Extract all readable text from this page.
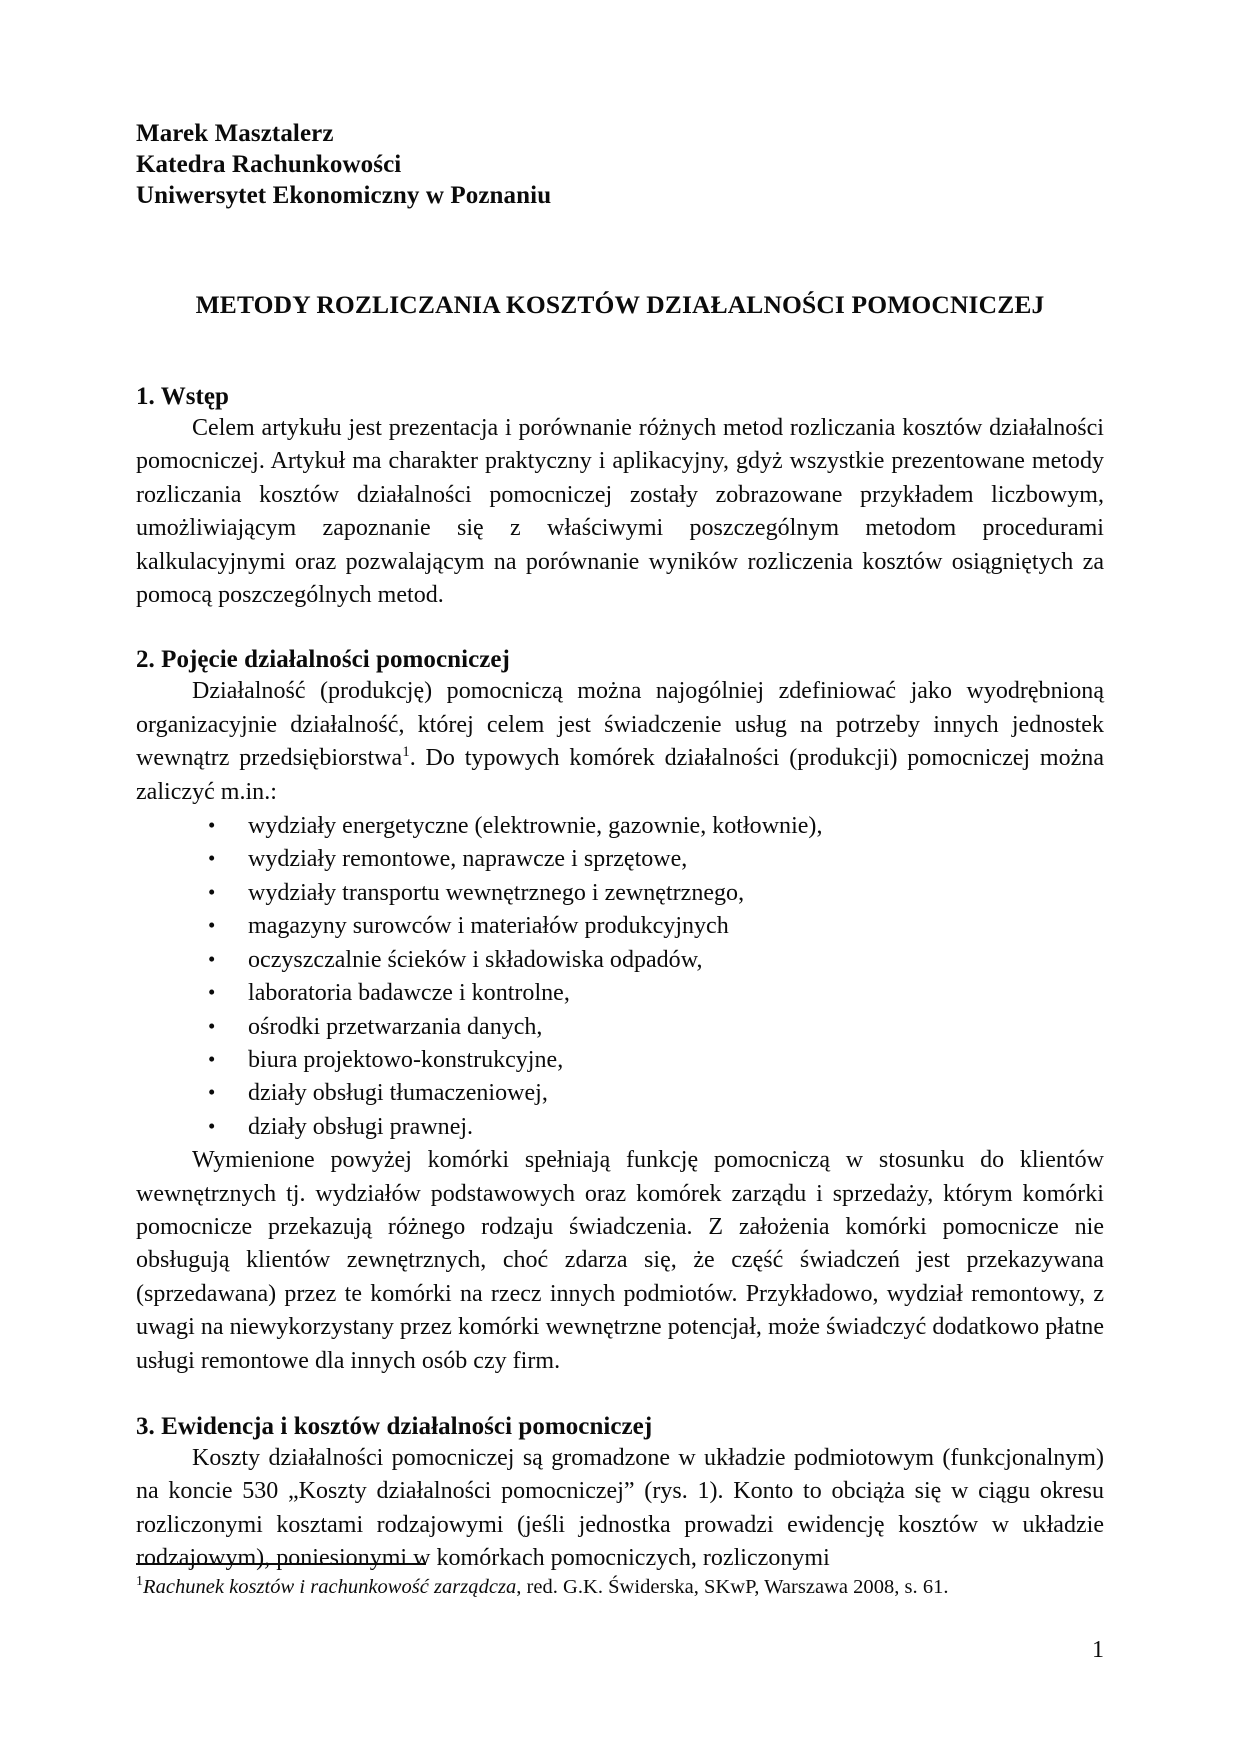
Marek Masztalerz
Katedra Rachunkowości
Uniwersytet Ekonomiczny w Poznaniu
METODY ROZLICZANIA KOSZTÓW DZIAŁALNOŚCI POMOCNICZEJ
1. Wstęp

Celem artykułu jest prezentacja i porównanie różnych metod rozliczania kosztów działalności pomocniczej. Artykuł ma charakter praktyczny i aplikacyjny, gdyż wszystkie prezentowane metody rozliczania kosztów działalności pomocniczej zostały zobrazowane przykładem liczbowym, umożliwiającym zapoznanie się z właściwymi poszczególnym metodom procedurami kalkulacyjnymi oraz pozwalającym na porównanie wyników rozliczenia kosztów osiągniętych za pomocą poszczególnych metod.

2. Pojęcie działalności pomocniczej

Działalność (produkcję) pomocniczą można najogólniej zdefiniować jako wyodrębnioną organizacyjnie działalność, której celem jest świadczenie usług na potrzeby innych jednostek wewnątrz przedsiębiorstwa$^1$. Do typowych komórek działalności (produkcji) pomocniczej można zaliczyć m.in.:

• wydziały energetyczne (elektrownie, gazownie, kotłownie),
• wydziały remontowe, naprawcze i sprzętowe,
• wydziały transportu wewnętrznego i zewnętrznego,
• magazyny surowców i materiałów produkcyjnych
• oczyszczalnie ścieków i składowiska odpadów,
• laboratoria badawcze i kontrolne,
• ośrodki przetwarzania danych,
• biura projektowo-konstrukcyjne,
• działy obsługi tłumaczeniowej,
• działy obsługi prawnej.

Wymienione powyżej komórki spełniają funkcję pomocniczą w stosunku do klientów wewnętrznych tj. wydziałów podstawowych oraz komórek zarządu i sprzedaży, którym komórki pomocnicze przekazują różnego rodzaju świadczenia. Z założenia komórki pomocnicze nie obsługują klientów zewnętrznych, choć zdarza się, że część świadczeń jest przekazywana (sprzedawana) przez te komórki na rzecz innych podmiotów. Przykładowo, wydział remontowy, z uwagi na niewykorzystany przez komórki wewnętrzne potencjał, może świadczyć dodatkowo płatne usługi remontowe dla innych osób czy firm.

3. Ewidencja i kosztów działalności pomocniczej

Koszty działalności pomocniczej są gromadzone w układzie podmiotowym (funkcjonalnym) na koncie 530 „Koszty działalności pomocniczej” (rys. 1). Konto to obciąża się w ciągu okresu rozliczonymi kosztami rodzajowymi (jeśli jednostka prowadzi ewidencję kosztów w układzie rodzajowym), poniesionymi w komórkach pomocniczych, rozliczonymi

$^1$Rachunek kosztów i rachunkowość zarządcza, red. G.K. Świderska, SKwP, Warszawa 2008, s. 61.
1
